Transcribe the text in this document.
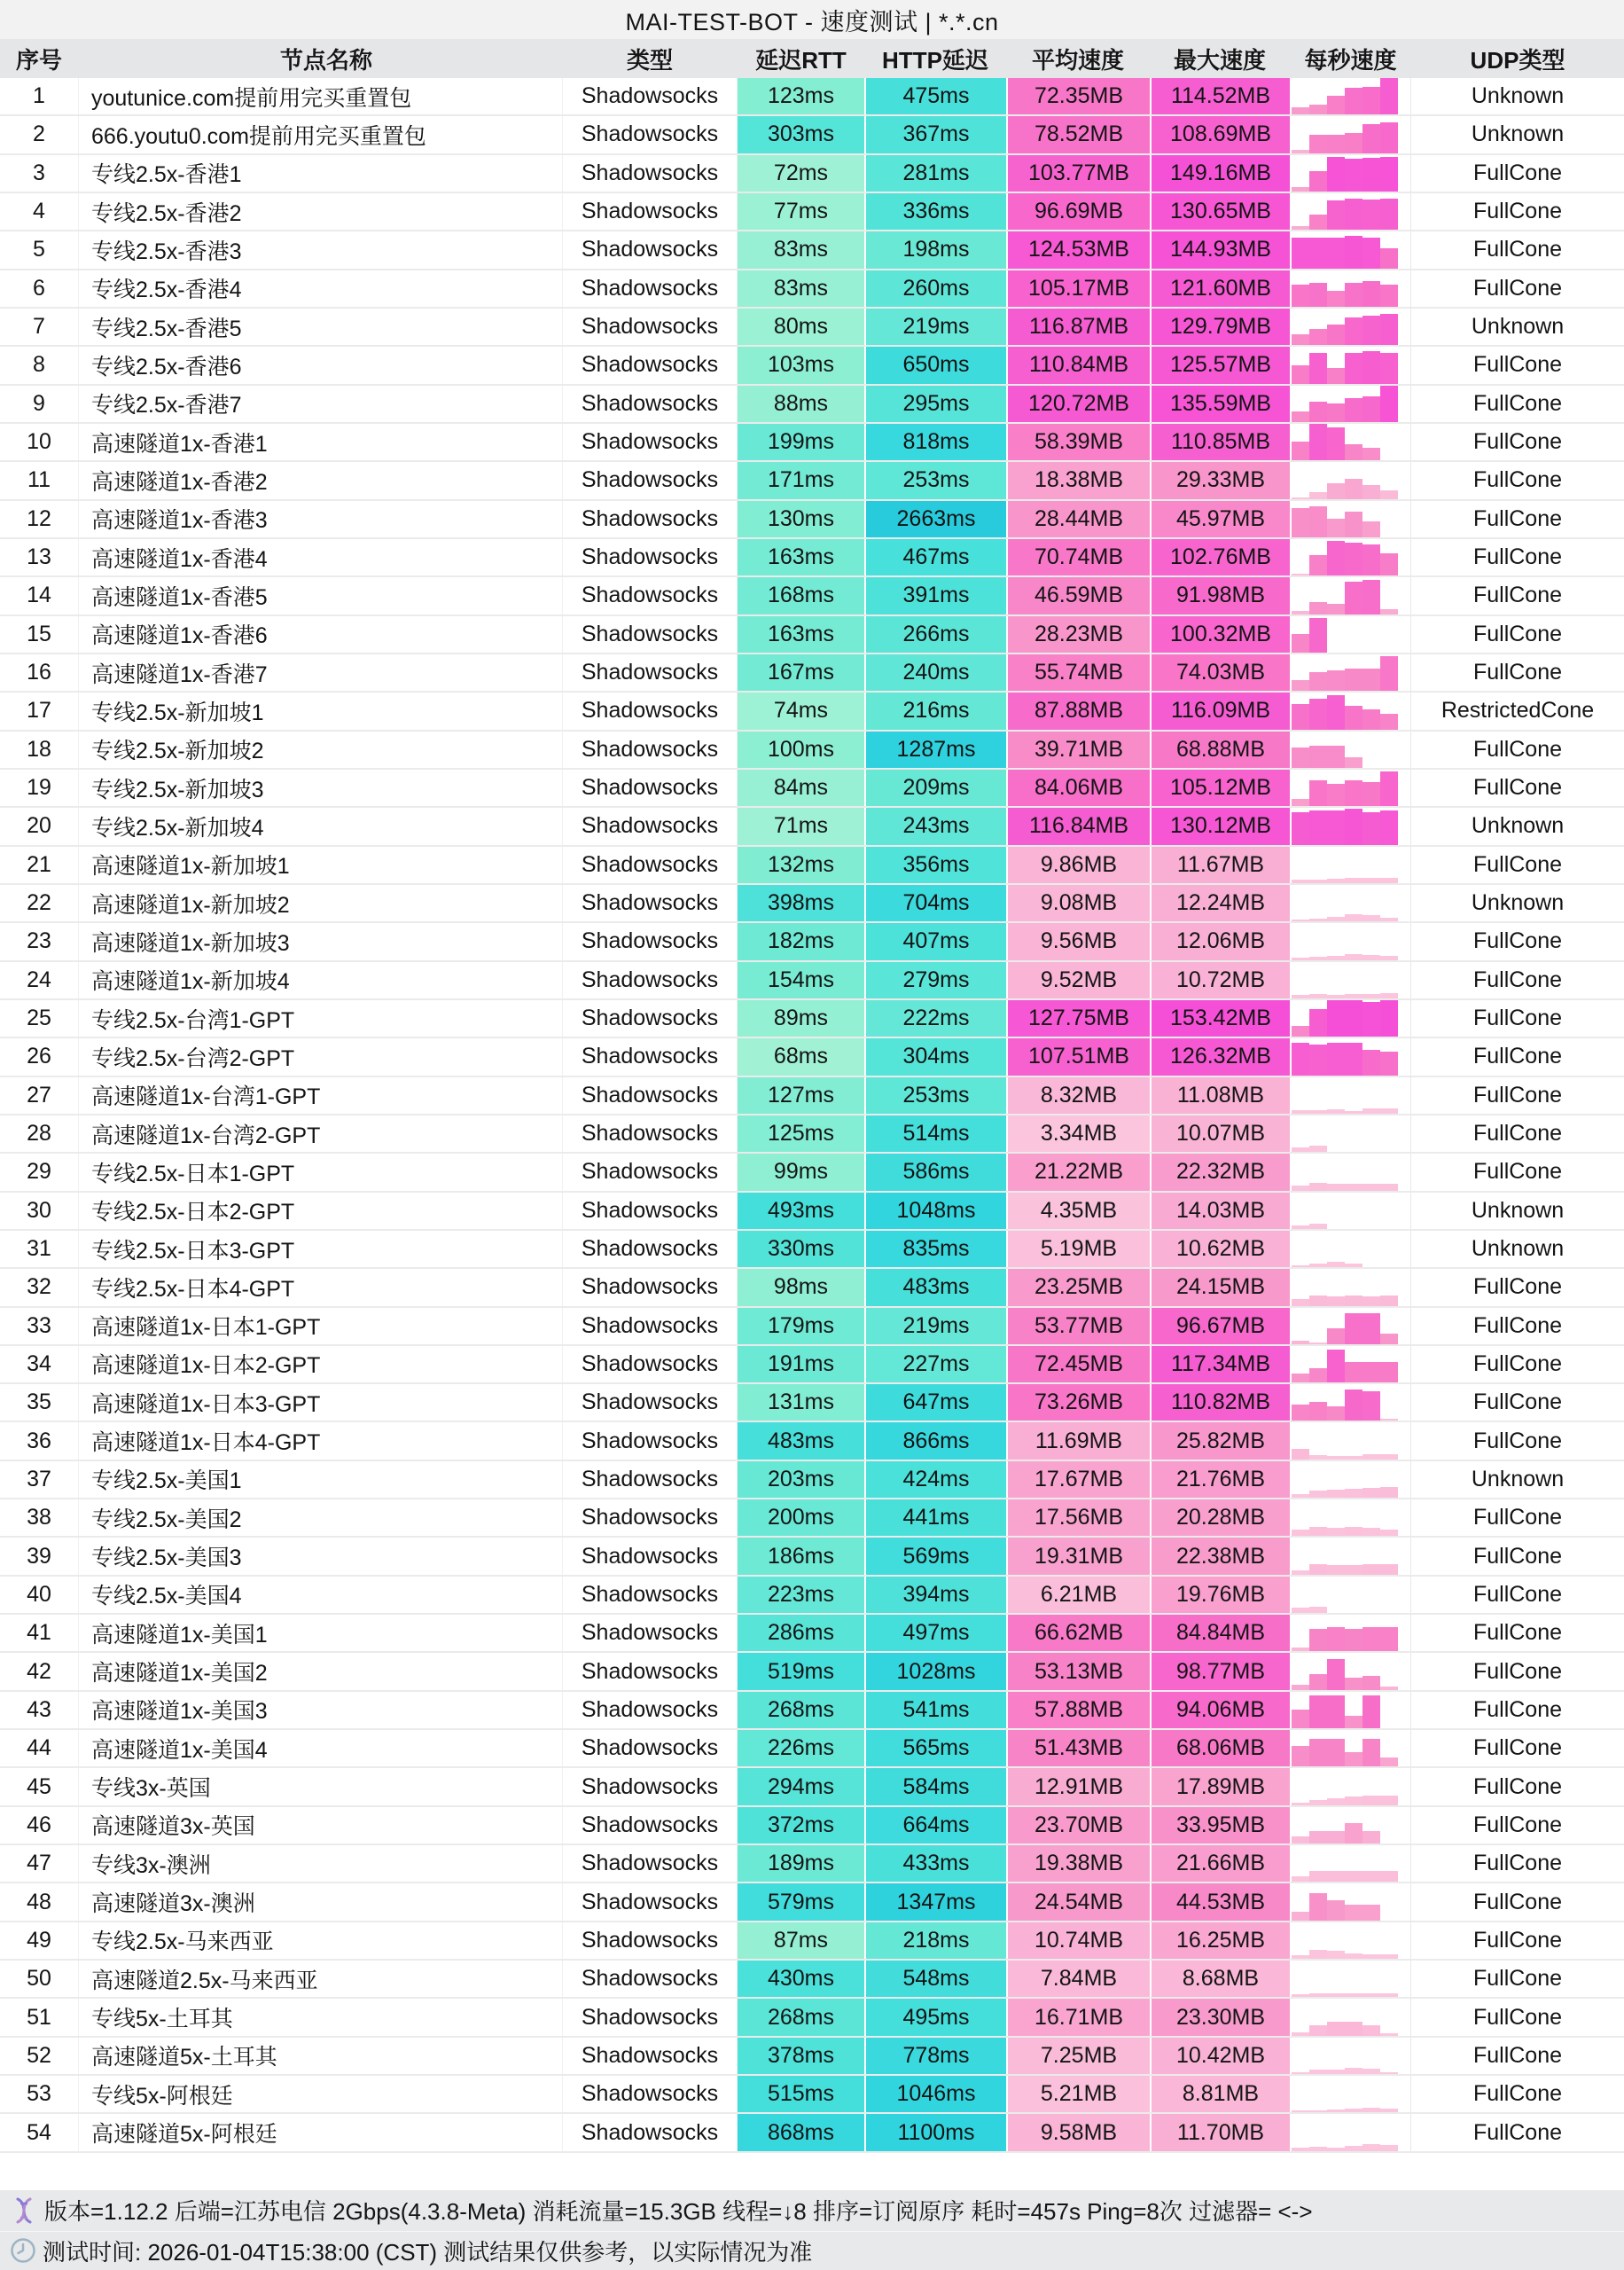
MAI-TEST-BOT - 速度测试 | *.*.cn
序号	节点名称	类型	延迟RTT	HTTP延迟	平均速度	最大速度	每秒速度	UDP类型
1	youtunice.com提前用完买重置包	Shadowsocks	123ms	475ms	72.35MB	114.52MB	Unknown
2	666.youtu0.com提前用完买重置包	Shadowsocks	303ms	367ms	78.52MB	108.69MB	Unknown
3	专线2.5x-香港1	Shadowsocks	72ms	281ms	103.77MB	149.16MB	FullCone
4	专线2.5x-香港2	Shadowsocks	77ms	336ms	96.69MB	130.65MB	FullCone
5	专线2.5x-香港3	Shadowsocks	83ms	198ms	124.53MB	144.93MB	FullCone
6	专线2.5x-香港4	Shadowsocks	83ms	260ms	105.17MB	121.60MB	FullCone
7	专线2.5x-香港5	Shadowsocks	80ms	219ms	116.87MB	129.79MB	Unknown
8	专线2.5x-香港6	Shadowsocks	103ms	650ms	110.84MB	125.57MB	FullCone
9	专线2.5x-香港7	Shadowsocks	88ms	295ms	120.72MB	135.59MB	FullCone
10	高速隧道1x-香港1	Shadowsocks	199ms	818ms	58.39MB	110.85MB	FullCone
11	高速隧道1x-香港2	Shadowsocks	171ms	253ms	18.38MB	29.33MB	FullCone
12	高速隧道1x-香港3	Shadowsocks	130ms	2663ms	28.44MB	45.97MB	FullCone
13	高速隧道1x-香港4	Shadowsocks	163ms	467ms	70.74MB	102.76MB	FullCone
14	高速隧道1x-香港5	Shadowsocks	168ms	391ms	46.59MB	91.98MB	FullCone
15	高速隧道1x-香港6	Shadowsocks	163ms	266ms	28.23MB	100.32MB	FullCone
16	高速隧道1x-香港7	Shadowsocks	167ms	240ms	55.74MB	74.03MB	FullCone
17	专线2.5x-新加坡1	Shadowsocks	74ms	216ms	87.88MB	116.09MB	RestrictedCone
18	专线2.5x-新加坡2	Shadowsocks	100ms	1287ms	39.71MB	68.88MB	FullCone
19	专线2.5x-新加坡3	Shadowsocks	84ms	209ms	84.06MB	105.12MB	FullCone
20	专线2.5x-新加坡4	Shadowsocks	71ms	243ms	116.84MB	130.12MB	Unknown
21	高速隧道1x-新加坡1	Shadowsocks	132ms	356ms	9.86MB	11.67MB	FullCone
22	高速隧道1x-新加坡2	Shadowsocks	398ms	704ms	9.08MB	12.24MB	Unknown
23	高速隧道1x-新加坡3	Shadowsocks	182ms	407ms	9.56MB	12.06MB	FullCone
24	高速隧道1x-新加坡4	Shadowsocks	154ms	279ms	9.52MB	10.72MB	FullCone
25	专线2.5x-台湾1-GPT	Shadowsocks	89ms	222ms	127.75MB	153.42MB	FullCone
26	专线2.5x-台湾2-GPT	Shadowsocks	68ms	304ms	107.51MB	126.32MB	FullCone
27	高速隧道1x-台湾1-GPT	Shadowsocks	127ms	253ms	8.32MB	11.08MB	FullCone
28	高速隧道1x-台湾2-GPT	Shadowsocks	125ms	514ms	3.34MB	10.07MB	FullCone
29	专线2.5x-日本1-GPT	Shadowsocks	99ms	586ms	21.22MB	22.32MB	FullCone
30	专线2.5x-日本2-GPT	Shadowsocks	493ms	1048ms	4.35MB	14.03MB	Unknown
31	专线2.5x-日本3-GPT	Shadowsocks	330ms	835ms	5.19MB	10.62MB	Unknown
32	专线2.5x-日本4-GPT	Shadowsocks	98ms	483ms	23.25MB	24.15MB	FullCone
33	高速隧道1x-日本1-GPT	Shadowsocks	179ms	219ms	53.77MB	96.67MB	FullCone
34	高速隧道1x-日本2-GPT	Shadowsocks	191ms	227ms	72.45MB	117.34MB	FullCone
35	高速隧道1x-日本3-GPT	Shadowsocks	131ms	647ms	73.26MB	110.82MB	FullCone
36	高速隧道1x-日本4-GPT	Shadowsocks	483ms	866ms	11.69MB	25.82MB	FullCone
37	专线2.5x-美国1	Shadowsocks	203ms	424ms	17.67MB	21.76MB	Unknown
38	专线2.5x-美国2	Shadowsocks	200ms	441ms	17.56MB	20.28MB	FullCone
39	专线2.5x-美国3	Shadowsocks	186ms	569ms	19.31MB	22.38MB	FullCone
40	专线2.5x-美国4	Shadowsocks	223ms	394ms	6.21MB	19.76MB	FullCone
41	高速隧道1x-美国1	Shadowsocks	286ms	497ms	66.62MB	84.84MB	FullCone
42	高速隧道1x-美国2	Shadowsocks	519ms	1028ms	53.13MB	98.77MB	FullCone
43	高速隧道1x-美国3	Shadowsocks	268ms	541ms	57.88MB	94.06MB	FullCone
44	高速隧道1x-美国4	Shadowsocks	226ms	565ms	51.43MB	68.06MB	FullCone
45	专线3x-英国	Shadowsocks	294ms	584ms	12.91MB	17.89MB	FullCone
46	高速隧道3x-英国	Shadowsocks	372ms	664ms	23.70MB	33.95MB	FullCone
47	专线3x-澳洲	Shadowsocks	189ms	433ms	19.38MB	21.66MB	FullCone
48	高速隧道3x-澳洲	Shadowsocks	579ms	1347ms	24.54MB	44.53MB	FullCone
49	专线2.5x-马来西亚	Shadowsocks	87ms	218ms	10.74MB	16.25MB	FullCone
50	高速隧道2.5x-马来西亚	Shadowsocks	430ms	548ms	7.84MB	8.68MB	FullCone
51	专线5x-土耳其	Shadowsocks	268ms	495ms	16.71MB	23.30MB	FullCone
52	高速隧道5x-土耳其	Shadowsocks	378ms	778ms	7.25MB	10.42MB	FullCone
53	专线5x-阿根廷	Shadowsocks	515ms	1046ms	5.21MB	8.81MB	FullCone
54	高速隧道5x-阿根廷	Shadowsocks	868ms	1100ms	9.58MB	11.70MB	FullCone
版本=1.12.2 后端=江苏电信 2Gbps(4.3.8-Meta) 消耗流量=15.3GB 线程=↓8 排序=订阅原序 耗时=457s Ping=8次 过滤器= <->
测试时间: 2026-01-04T15:38:00 (CST) 测试结果仅供参考，以实际情况为准
